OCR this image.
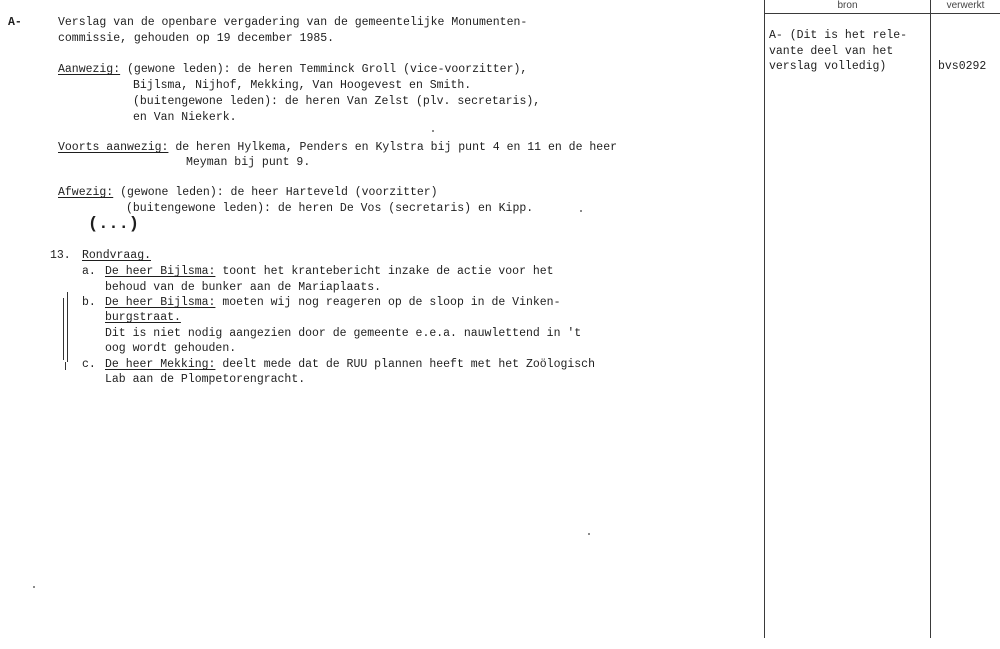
A-	Verslag van de openbare vergadering van de gemeentelijke Monumenten-
commissie, gehouden op 19 december 1985.
Aanwezig: (gewone leden): de heren Temminck Groll (vice-voorzitter),
Bijlsma, Nijhof, Mekking, Van Hoogevest en Smith.
(buitengewone leden): de heren Van Zelst (plv. secretaris),
en Van Niekerk.
Voorts aanwezig: de heren Hylkema, Penders en Kylstra bij punt 4 en 11 en de heer
Meyman bij punt 9.
Afwezig: (gewone leden): de heer Harteveld (voorzitter)
(buitengewone leden): de heren De Vos (secretaris) en Kipp.
(...)
13. Rondvraag.
a. De heer Bijlsma: toont het krantebericht inzake de actie voor het
behoud van de bunker aan de Mariaplaats.
b. De heer Bijlsma: moeten wij nog reageren op de sloop in de Vinken-
burgstraat.
Dit is niet nodig aangezien door de gemeente e.e.a. nauwlettend in 't
oog wordt gehouden.
c. De heer Mekking: deelt mede dat de RUU plannen heeft met het Zoölogisch
Lab aan de Plompetorengracht.
bron	verwerkt
A- (Dit is het rele-
vante deel van het
verslag volledig)	bvs0292
